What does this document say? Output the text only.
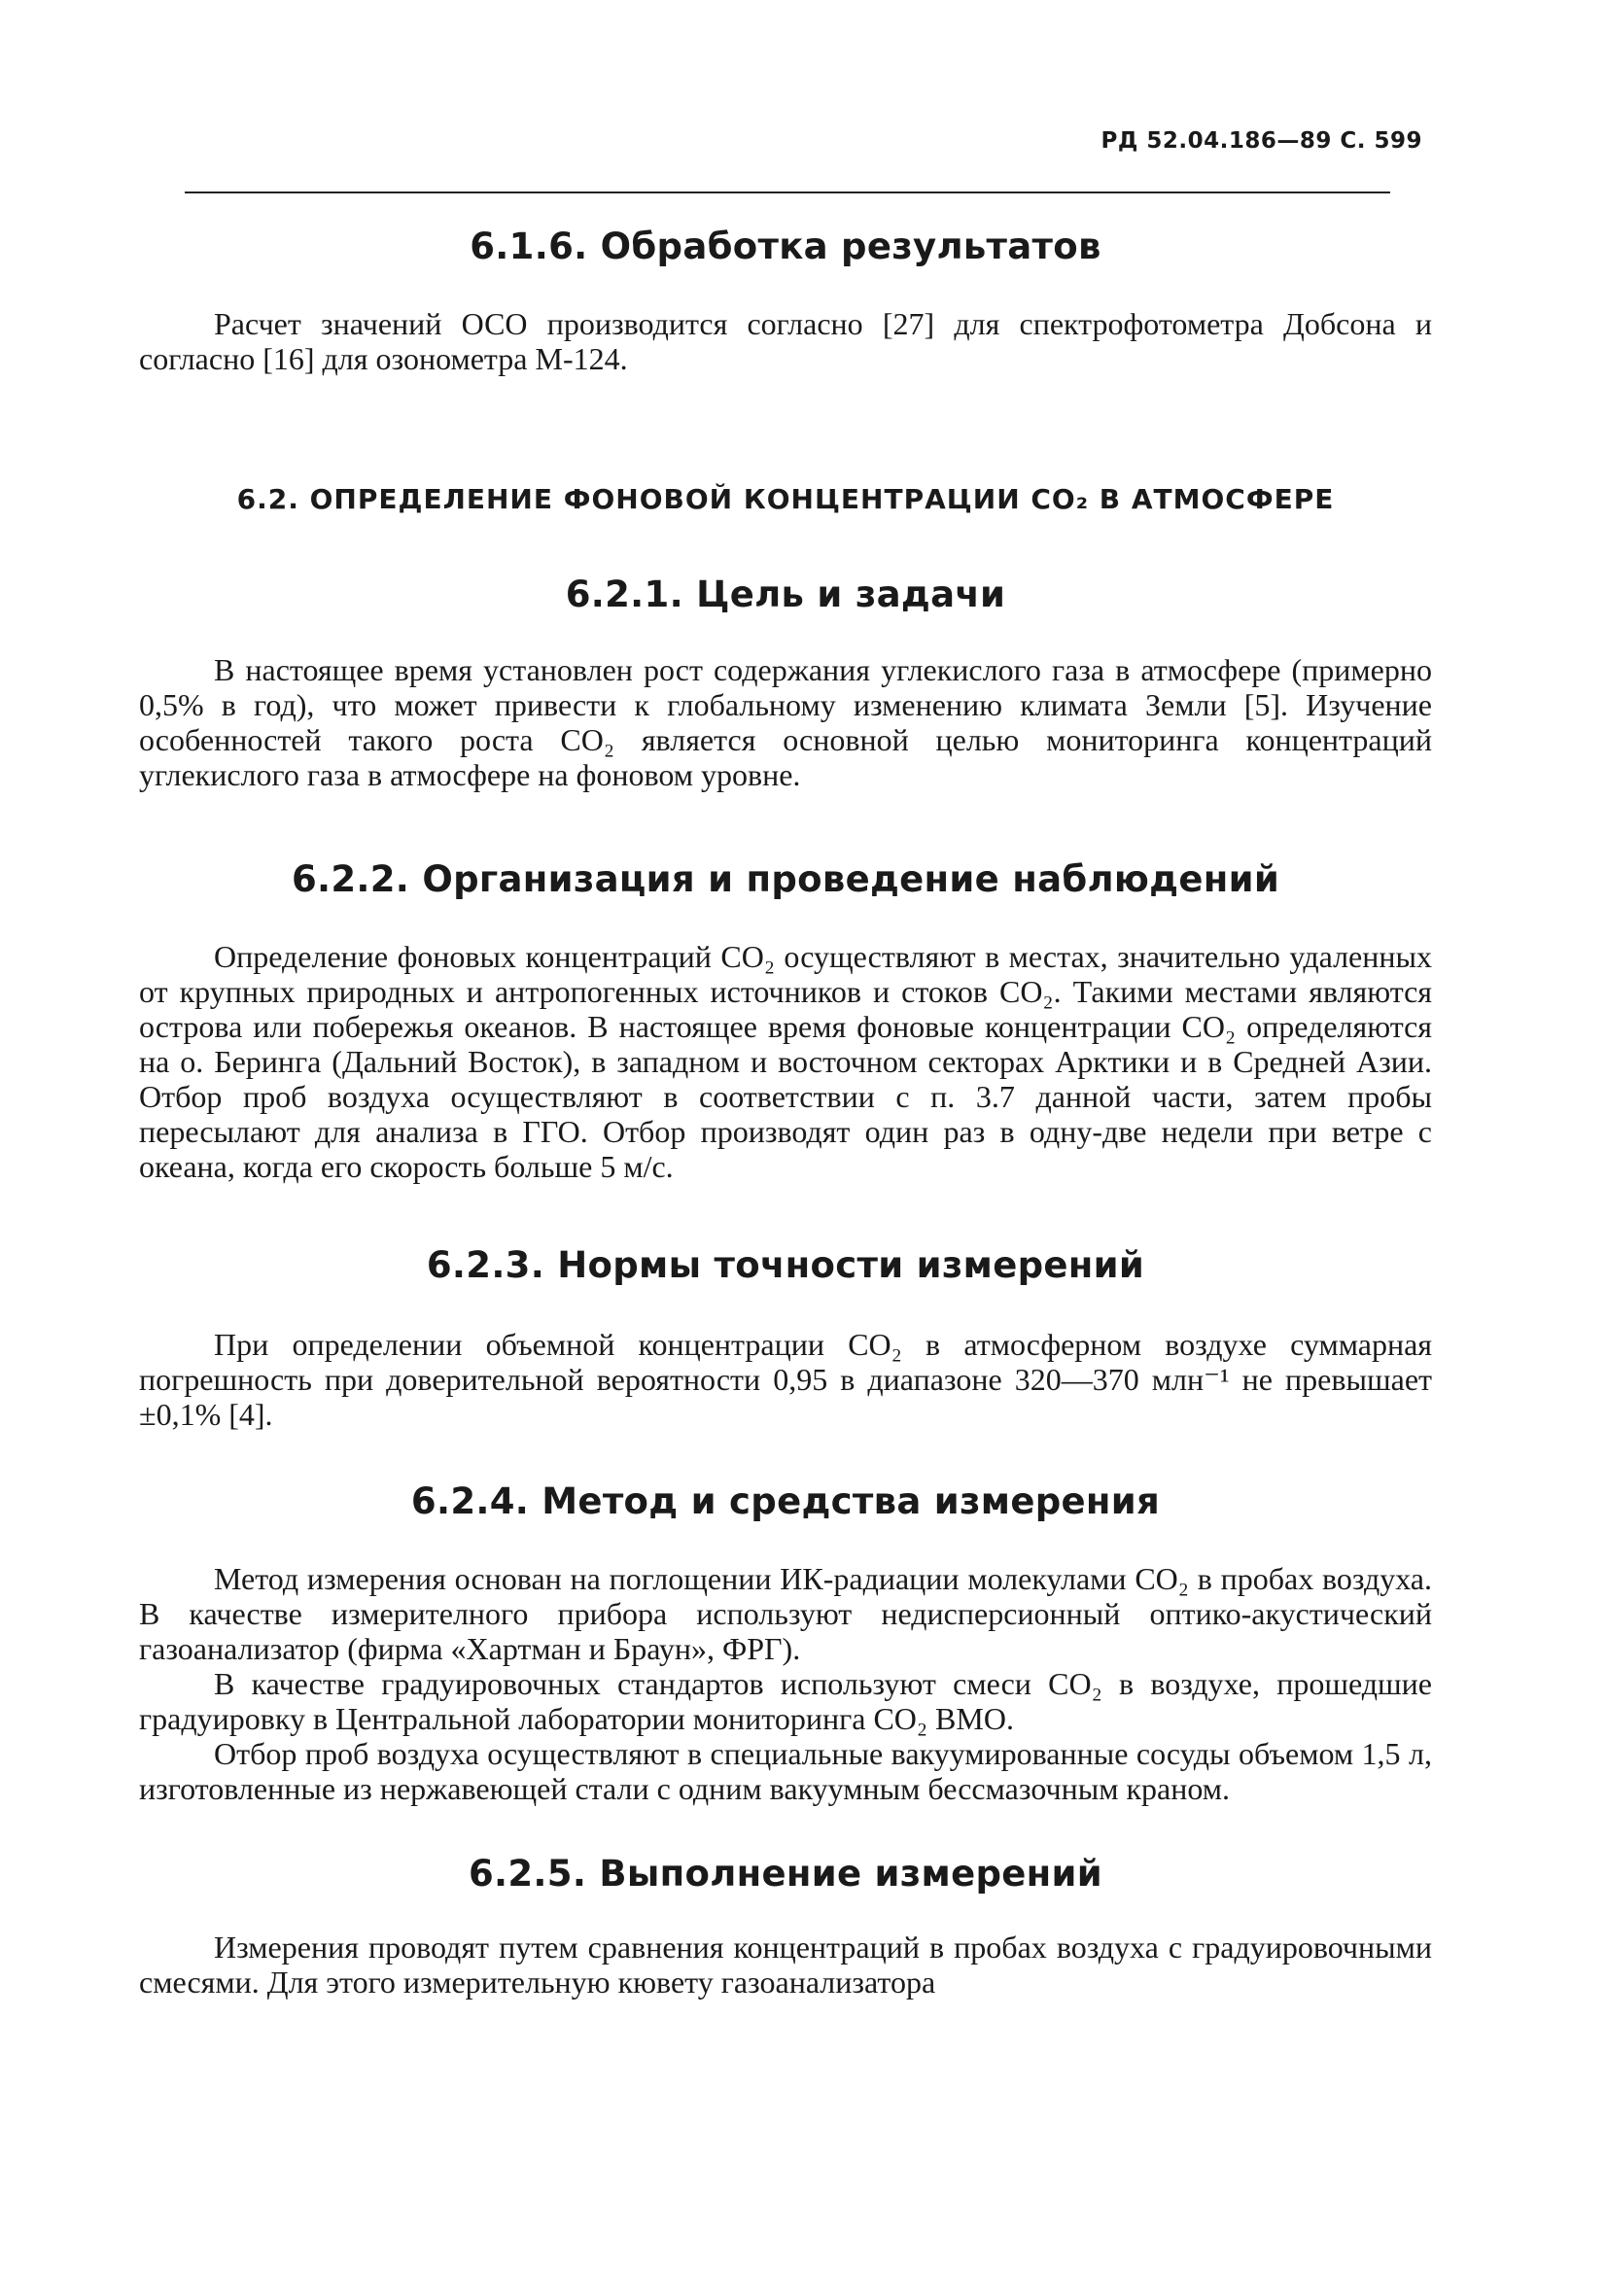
РД 52.04.186—89 С. 599
6.1.6. Обработка результатов

Расчет значений ОСО производится согласно [27] для спектрофотометра Добсона и согласно [16] для озонометра М-124.

6.2. ОПРЕДЕЛЕНИЕ ФОНОВОЙ КОНЦЕНТРАЦИИ CO₂ В АТМОСФЕРЕ
6.2.1. Цель и задачи

В настоящее время установлен рост содержания углекислого газа в атмосфере (примерно 0,5% в год), что может привести к глобальному изменению климата Земли [5]. Изучение особенностей такого роста CO₂ является основной целью мониторинга концентраций углекислого газа в атмосфере на фоновом уровне.

6.2.2. Организация и проведение наблюдений

Определение фоновых концентраций CO₂ осуществляют в местах, значительно удаленных от крупных природных и антропогенных источников и стоков CO₂. Такими местами являются острова или побережья океанов. В настоящее время фоновые концентрации CO₂ определяются на о. Беринга (Дальний Восток), в западном и восточном секторах Арктики и в Средней Азии. Отбор проб воздуха осуществляют в соответствии с п. 3.7 данной части, затем пробы пересылают для анализа в ГГО. Отбор производят один раз в одну-две недели при ветре с океана, когда его скорость больше 5 м/с.

6.2.3. Нормы точности измерений

При определении объемной концентрации CO₂ в атмосферном воздухе суммарная погрешность при доверительной вероятности 0,95 в диапазоне 320—370 млн⁻¹ не превышает ±0,1% [4].

6.2.4. Метод и средства измерения

Метод измерения основан на поглощении ИК-радиации молекулами CO₂ в пробах воздуха. В качестве измерителного прибора используют недисперсионный оптико-акустический газоанализатор (фирма «Хартман и Браун», ФРГ).

В качестве градуировочных стандартов используют смеси CO₂ в воздухе, прошедшие градуировку в Центральной лаборатории мониторинга CO₂ ВМО.

Отбор проб воздуха осуществляют в специальные вакуумированные сосуды объемом 1,5 л, изготовленные из нержавеющей стали с одним вакуумным бессмазочным краном.

6.2.5. Выполнение измерений

Измерения проводят путем сравнения концентраций в пробах воздуха с градуировочными смесями. Для этого измерительную кювету газоанализатора
